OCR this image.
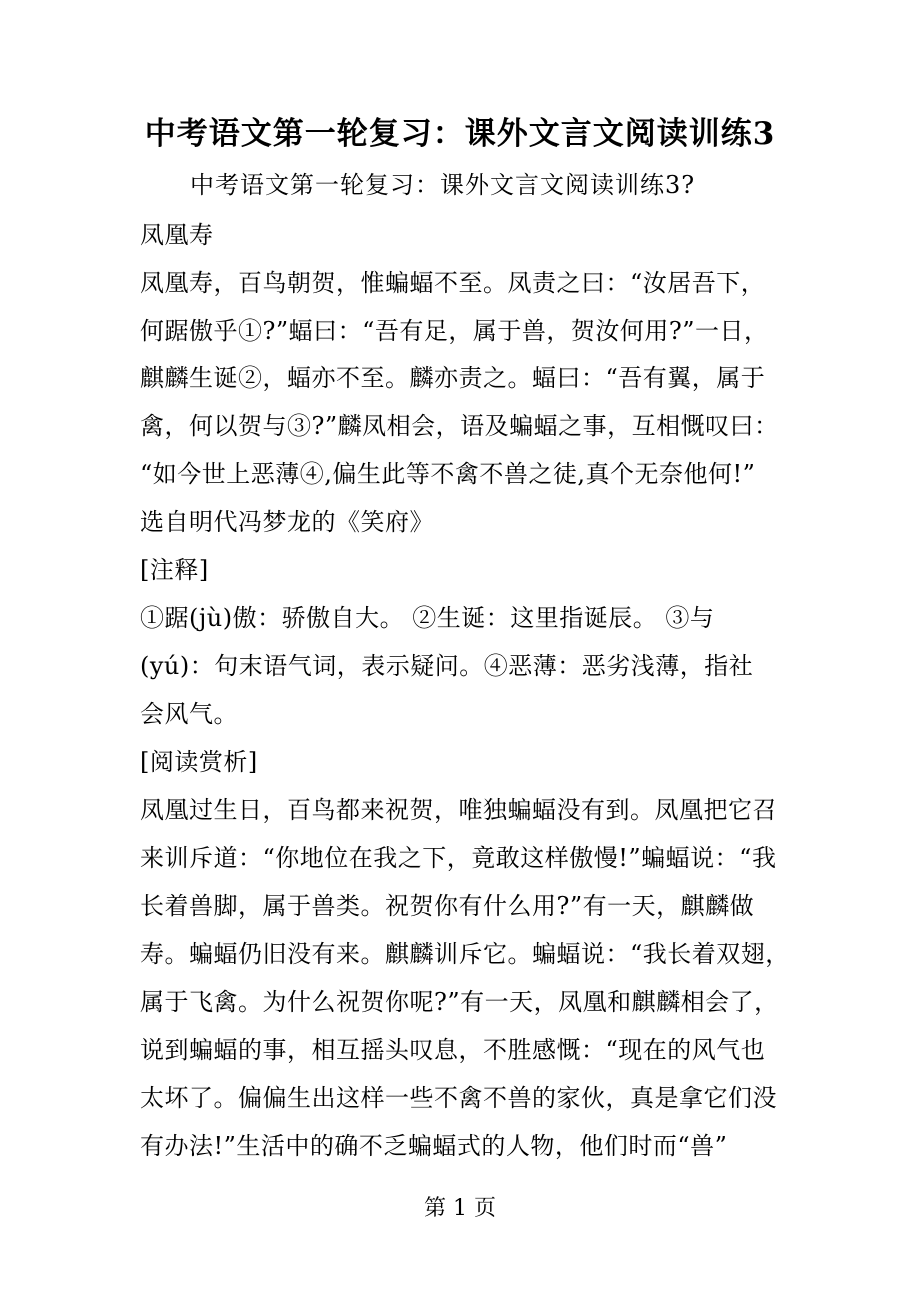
中考语文第一轮复习：课外文言文阅读训练3
中考语文第一轮复习：课外文言文阅读训练3?
凤凰寿
凤凰寿，百鸟朝贺，惟蝙蝠不至。凤责之曰：“汝居吾下，
何踞傲乎①?”蝠曰：“吾有足，属于兽，贺汝何用?”一日，
麒麟生诞②，蝠亦不至。麟亦责之。蝠曰：“吾有翼，属于
禽，何以贺与③?”麟凤相会，语及蝙蝠之事，互相慨叹曰：
“如今世上恶薄④,偏生此等不禽不兽之徒,真个无奈他何!”
选自明代冯梦龙的《笑府》
[注释]
①踞(jù)傲：骄傲自大。 ②生诞：这里指诞辰。 ③与
(yú)：句末语气词，表示疑问。④恶薄：恶劣浅薄，指社
会风气。
[阅读赏析]
凤凰过生日，百鸟都来祝贺，唯独蝙蝠没有到。凤凰把它召
来训斥道：“你地位在我之下，竟敢这样傲慢!”蝙蝠说：“我
长着兽脚，属于兽类。祝贺你有什么用?”有一天，麒麟做
寿。蝙蝠仍旧没有来。麒麟训斥它。蝙蝠说：“我长着双翅，
属于飞禽。为什么祝贺你呢?”有一天，凤凰和麒麟相会了，
说到蝙蝠的事，相互摇头叹息，不胜感慨：“现在的风气也
太坏了。偏偏生出这样一些不禽不兽的家伙，真是拿它们没
有办法!”生活中的确不乏蝙蝠式的人物，他们时而“兽”
第 1 页
